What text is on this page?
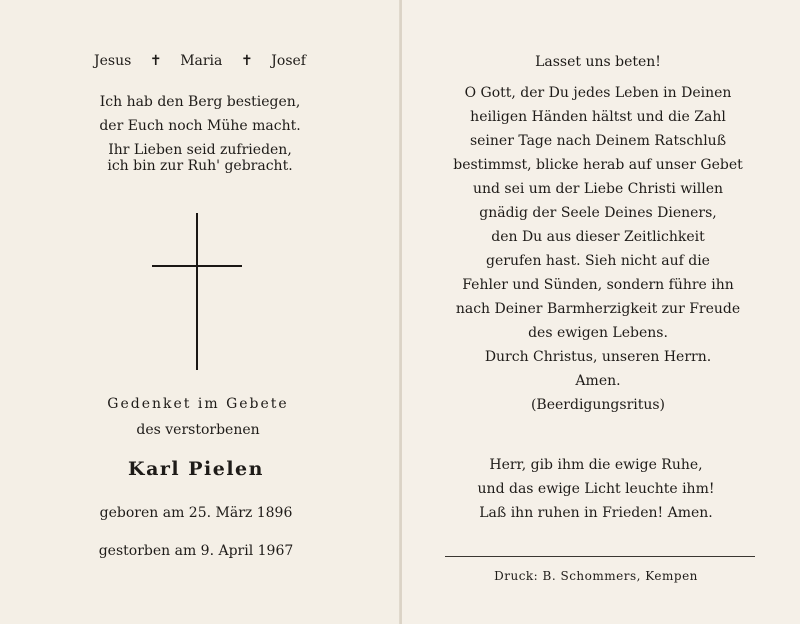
Jesus ✝ Maria ✝ Josef
Ich hab den Berg bestiegen,
der Euch noch Mühe macht.
Ihr Lieben seid zufrieden,
ich bin zur Ruh' gebracht.
Gedenket im Gebete
des verstorbenen
Karl Pielen
geboren am 25. März 1896
gestorben am 9. April 1967
Lasset uns beten!
O Gott, der Du jedes Leben in Deinen
heiligen Händen hältst und die Zahl
seiner Tage nach Deinem Ratschluß
bestimmst, blicke herab auf unser Gebet
und sei um der Liebe Christi willen
gnädig der Seele Deines Dieners,
den Du aus dieser Zeitlichkeit
gerufen hast. Sieh nicht auf die
Fehler und Sünden, sondern führe ihn
nach Deiner Barmherzigkeit zur Freude
des ewigen Lebens.
Durch Christus, unseren Herrn.
Amen.
(Beerdigungsritus)
Herr, gib ihm die ewige Ruhe,
und das ewige Licht leuchte ihm!
Laß ihn ruhen in Frieden! Amen.
Druck: B. Schommers, Kempen
